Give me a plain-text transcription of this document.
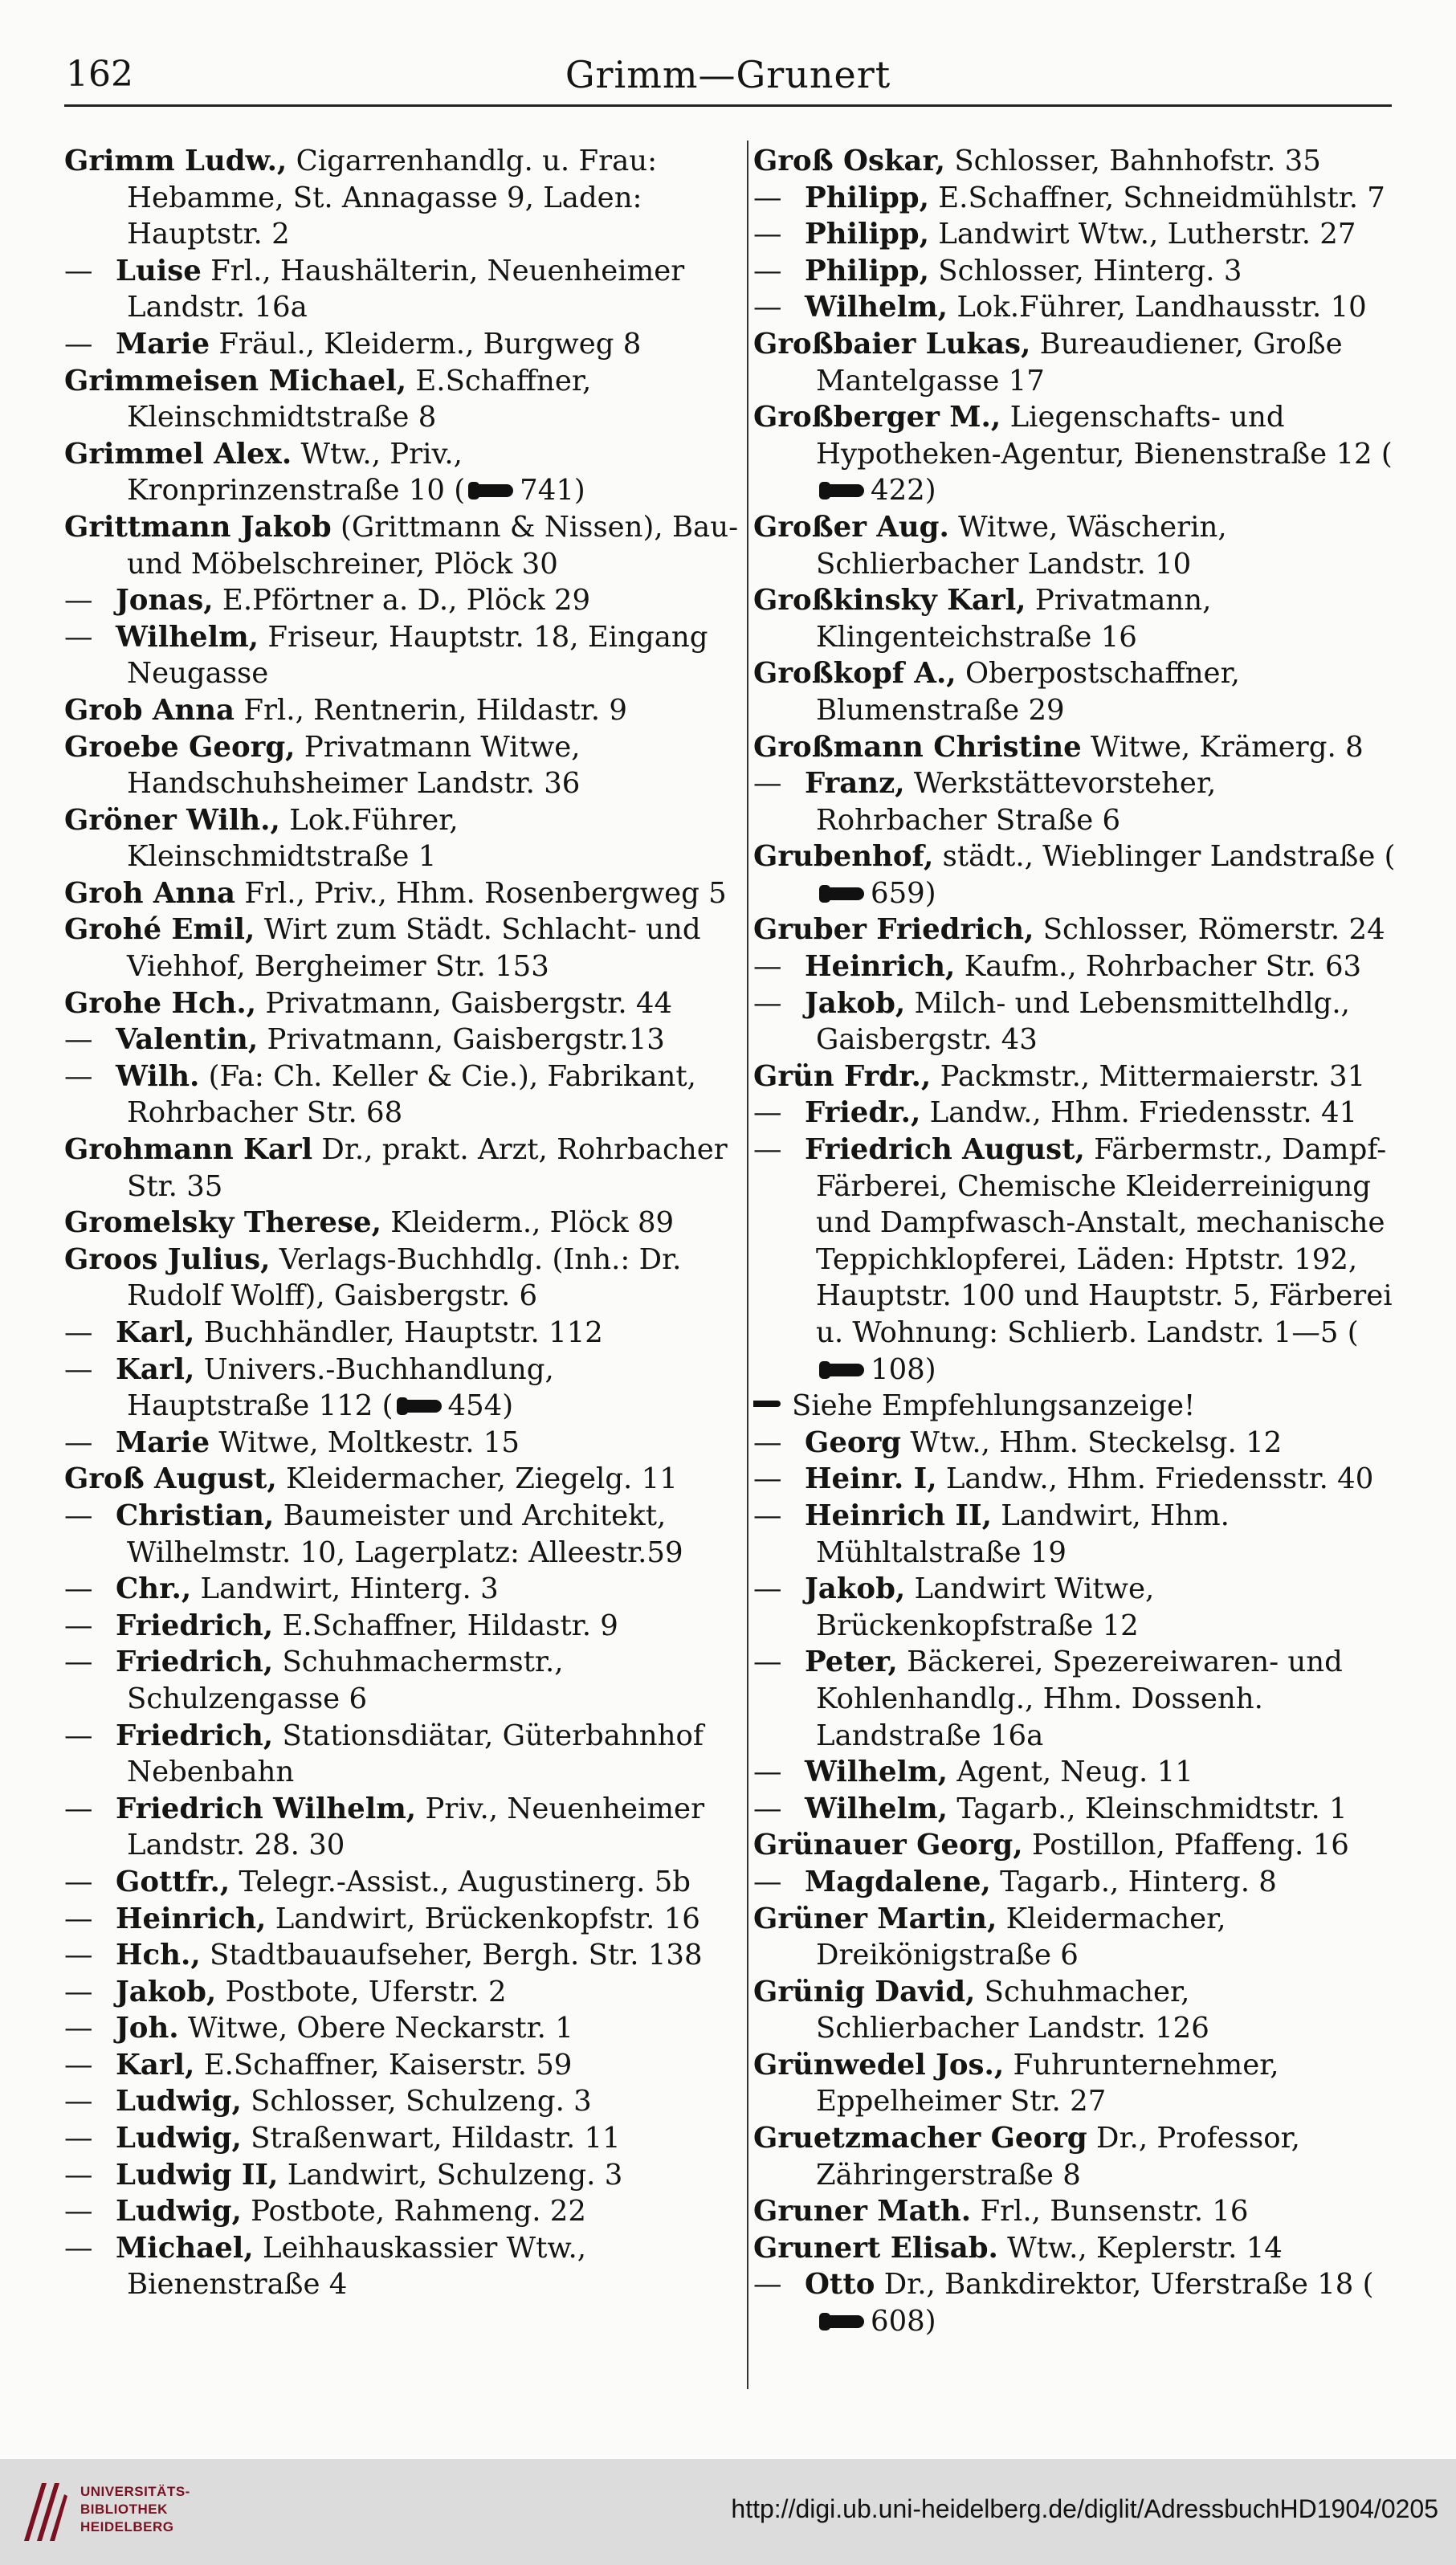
162	Grimm—Grunert

Grimm Ludw., Cigarrenhandlg. u. Frau: Hebamme, St. Annagasse 9, Laden: Hauptstr. 2

— Luise Frl., Haushälterin, Neuenheimer Landstr. 16a

— Marie Fräul., Kleiderm., Burgweg 8

Grimmeisen Michael, E.Schaffner, Kleinschmidtstraße 8

Grimmel Alex. Wtw., Priv., Kronprinzenstraße 10 ( 741)

Grittmann Jakob (Grittmann & Nissen), Bau- und Möbelschreiner, Plöck 30

— Jonas, E.Pförtner a. D., Plöck 29

— Wilhelm, Friseur, Hauptstr. 18, Eingang Neugasse

Grob Anna Frl., Rentnerin, Hildastr. 9

Groebe Georg, Privatmann Witwe, Handschuhsheimer Landstr. 36

Gröner Wilh., Lok.Führer, Kleinschmidtstraße 1

Groh Anna Frl., Priv., Hhm. Rosenbergweg 5

Grohé Emil, Wirt zum Städt. Schlacht- und Viehhof, Bergheimer Str. 153

Grohe Hch., Privatmann, Gaisbergstr. 44

— Valentin, Privatmann, Gaisbergstr.13

— Wilh. (Fa: Ch. Keller & Cie.), Fabrikant, Rohrbacher Str. 68

Grohmann Karl Dr., prakt. Arzt, Rohrbacher Str. 35

Gromelsky Therese, Kleiderm., Plöck 89

Groos Julius, Verlags-Buchhdlg. (Inh.: Dr. Rudolf Wolff), Gaisbergstr. 6

— Karl, Buchhändler, Hauptstr. 112

— Karl, Univers.-Buchhandlung, Hauptstraße 112 ( 454)

— Marie Witwe, Moltkestr. 15

Groß August, Kleidermacher, Ziegelg. 11

— Christian, Baumeister und Architekt, Wilhelmstr. 10, Lagerplatz: Alleestr.59

— Chr., Landwirt, Hinterg. 3

— Friedrich, E.Schaffner, Hildastr. 9

— Friedrich, Schuhmachermstr., Schulzengasse 6

— Friedrich, Stationsdiätar, Güterbahnhof Nebenbahn

— Friedrich Wilhelm, Priv., Neuenheimer Landstr. 28. 30

— Gottfr., Telegr.-Assist., Augustinerg. 5b

— Heinrich, Landwirt, Brückenkopfstr. 16

— Hch., Stadtbauaufseher, Bergh. Str. 138

— Jakob, Postbote, Uferstr. 2

— Joh. Witwe, Obere Neckarstr. 1

— Karl, E.Schaffner, Kaiserstr. 59

— Ludwig, Schlosser, Schulzeng. 3

— Ludwig, Straßenwart, Hildastr. 11

— Ludwig II, Landwirt, Schulzeng. 3

— Ludwig, Postbote, Rahmeng. 22

— Michael, Leihhauskassier Wtw., Bienenstraße 4

Groß Oskar, Schlosser, Bahnhofstr. 35

— Philipp, E.Schaffner, Schneidmühlstr. 7

— Philipp, Landwirt Wtw., Lutherstr. 27

— Philipp, Schlosser, Hinterg. 3

— Wilhelm, Lok.Führer, Landhausstr. 10

Großbaier Lukas, Bureaudiener, Große Mantelgasse 17

Großberger M., Liegenschafts- und Hypotheken-Agentur, Bienenstraße 12 (422)

Großer Aug. Witwe, Wäscherin, Schlierbacher Landstr. 10

Großkinsky Karl, Privatmann, Klingenteichstraße 16

Großkopf A., Oberpostschaffner, Blumenstraße 29

Großmann Christine Witwe, Krämerg. 8

— Franz, Werkstättevorsteher, Rohrbacher Straße 6

Grubenhof, städt., Wieblinger Landstraße (659)

Gruber Friedrich, Schlosser, Römerstr. 24

— Heinrich, Kaufm., Rohrbacher Str. 63

— Jakob, Milch- und Lebensmittelhdlg., Gaisbergstr. 43

Grün Frdr., Packmstr., Mittermaierstr. 31

— Friedr., Landw., Hhm. Friedensstr. 41

— Friedrich August, Färbermstr., Dampf-Färberei, Chemische Kleiderreinigung und Dampfwasch-Anstalt, mechanische Teppichklopferei, Läden: Hptstr. 192, Hauptstr. 100 und Hauptstr. 5, Färberei u. Wohnung: Schlierb. Landstr. 1—5 (108)

Siehe Empfehlungsanzeige!

— Georg Wtw., Hhm. Steckelsg. 12

— Heinr. I, Landw., Hhm. Friedensstr. 40

— Heinrich II, Landwirt, Hhm. Mühltalstraße 19

— Jakob, Landwirt Witwe, Brückenkopfstraße 12

— Peter, Bäckerei, Spezereiwaren- und Kohlenhandlg., Hhm. Dossenh. Landstraße 16a

— Wilhelm, Agent, Neug. 11

— Wilhelm, Tagarb., Kleinschmidtstr. 1

Grünauer Georg, Postillon, Pfaffeng. 16

— Magdalene, Tagarb., Hinterg. 8

Grüner Martin, Kleidermacher, Dreikönigstraße 6

Grünig David, Schuhmacher, Schlierbacher Landstr. 126

Grünwedel Jos., Fuhrunternehmer, Eppelheimer Str. 27

Gruetzmacher Georg Dr., Professor, Zähringerstraße 8

Gruner Math. Frl., Bunsenstr. 16

Grunert Elisab. Wtw., Keplerstr. 14

— Otto Dr., Bankdirektor, Uferstraße 18 (608)

UNIVERSITÄTS-
BIBLIOTHEK
HEIDELBERG
http://digi.ub.uni-heidelberg.de/diglit/AdressbuchHD1904/0205
